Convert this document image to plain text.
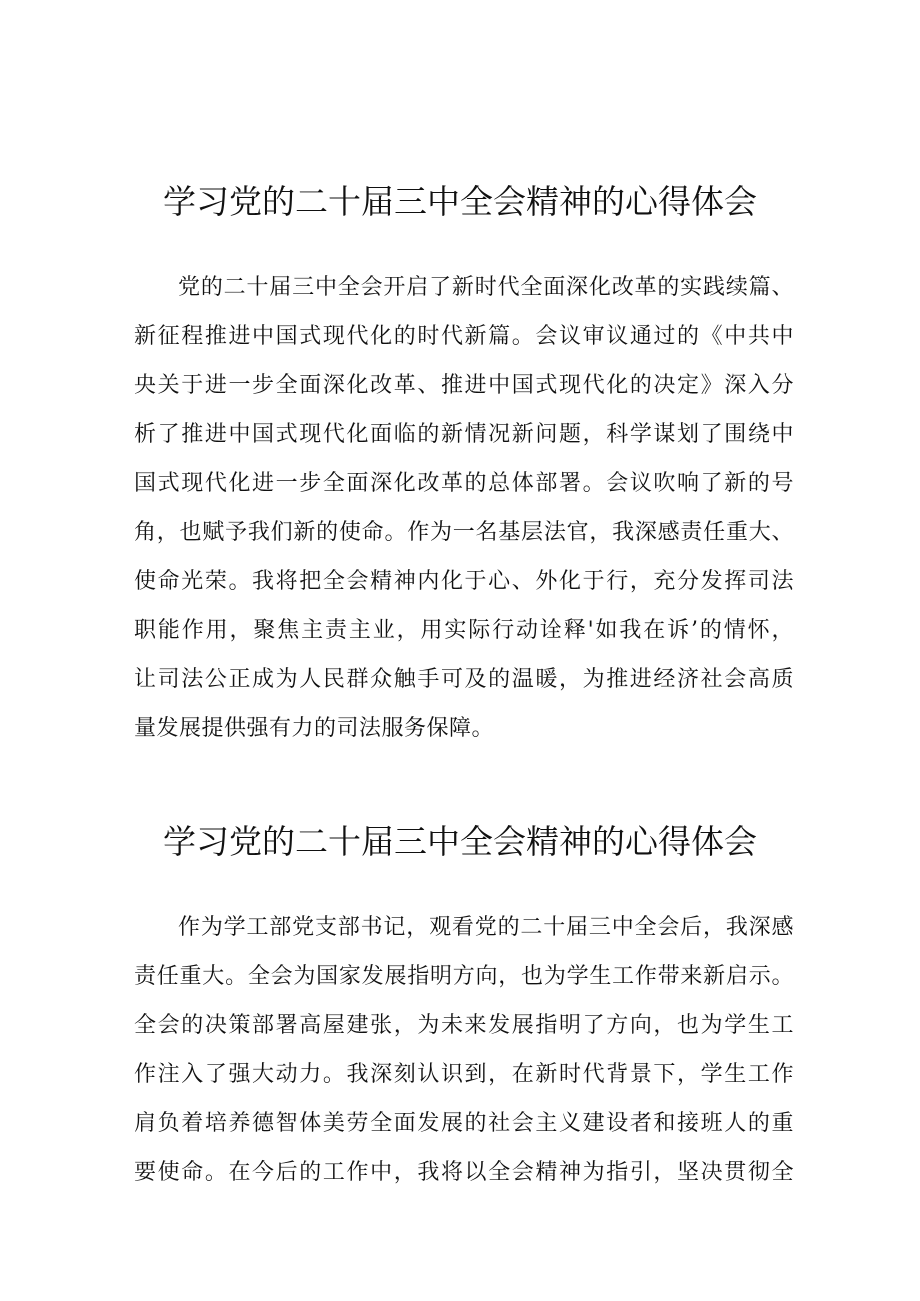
学习党的二十届三中全会精神的心得体会
党的二十届三中全会开启了新时代全面深化改革的实践续篇、
新征程推进中国式现代化的时代新篇。会议审议通过的《中共中
央关于进一步全面深化改革、推进中国式现代化的决定》深入分
析了推进中国式现代化面临的新情况新问题，科学谋划了围绕中
国式现代化进一步全面深化改革的总体部署。会议吹响了新的号
角，也赋予我们新的使命。作为一名基层法官，我深感责任重大、
使命光荣。我将把全会精神内化于心、外化于行，充分发挥司法
职能作用，聚焦主责主业，用实际行动诠释'如我在诉’的情怀，
让司法公正成为人民群众触手可及的温暖，为推进经济社会高质
量发展提供强有力的司法服务保障。
学习党的二十届三中全会精神的心得体会
作为学工部党支部书记，观看党的二十届三中全会后，我深感
责任重大。全会为国家发展指明方向，也为学生工作带来新启示。
全会的决策部署高屋建张，为未来发展指明了方向，也为学生工
作注入了强大动力。我深刻认识到，在新时代背景下，学生工作
肩负着培养德智体美劳全面发展的社会主义建设者和接班人的重
要使命。在今后的工作中，我将以全会精神为指引，坚决贯彻全
